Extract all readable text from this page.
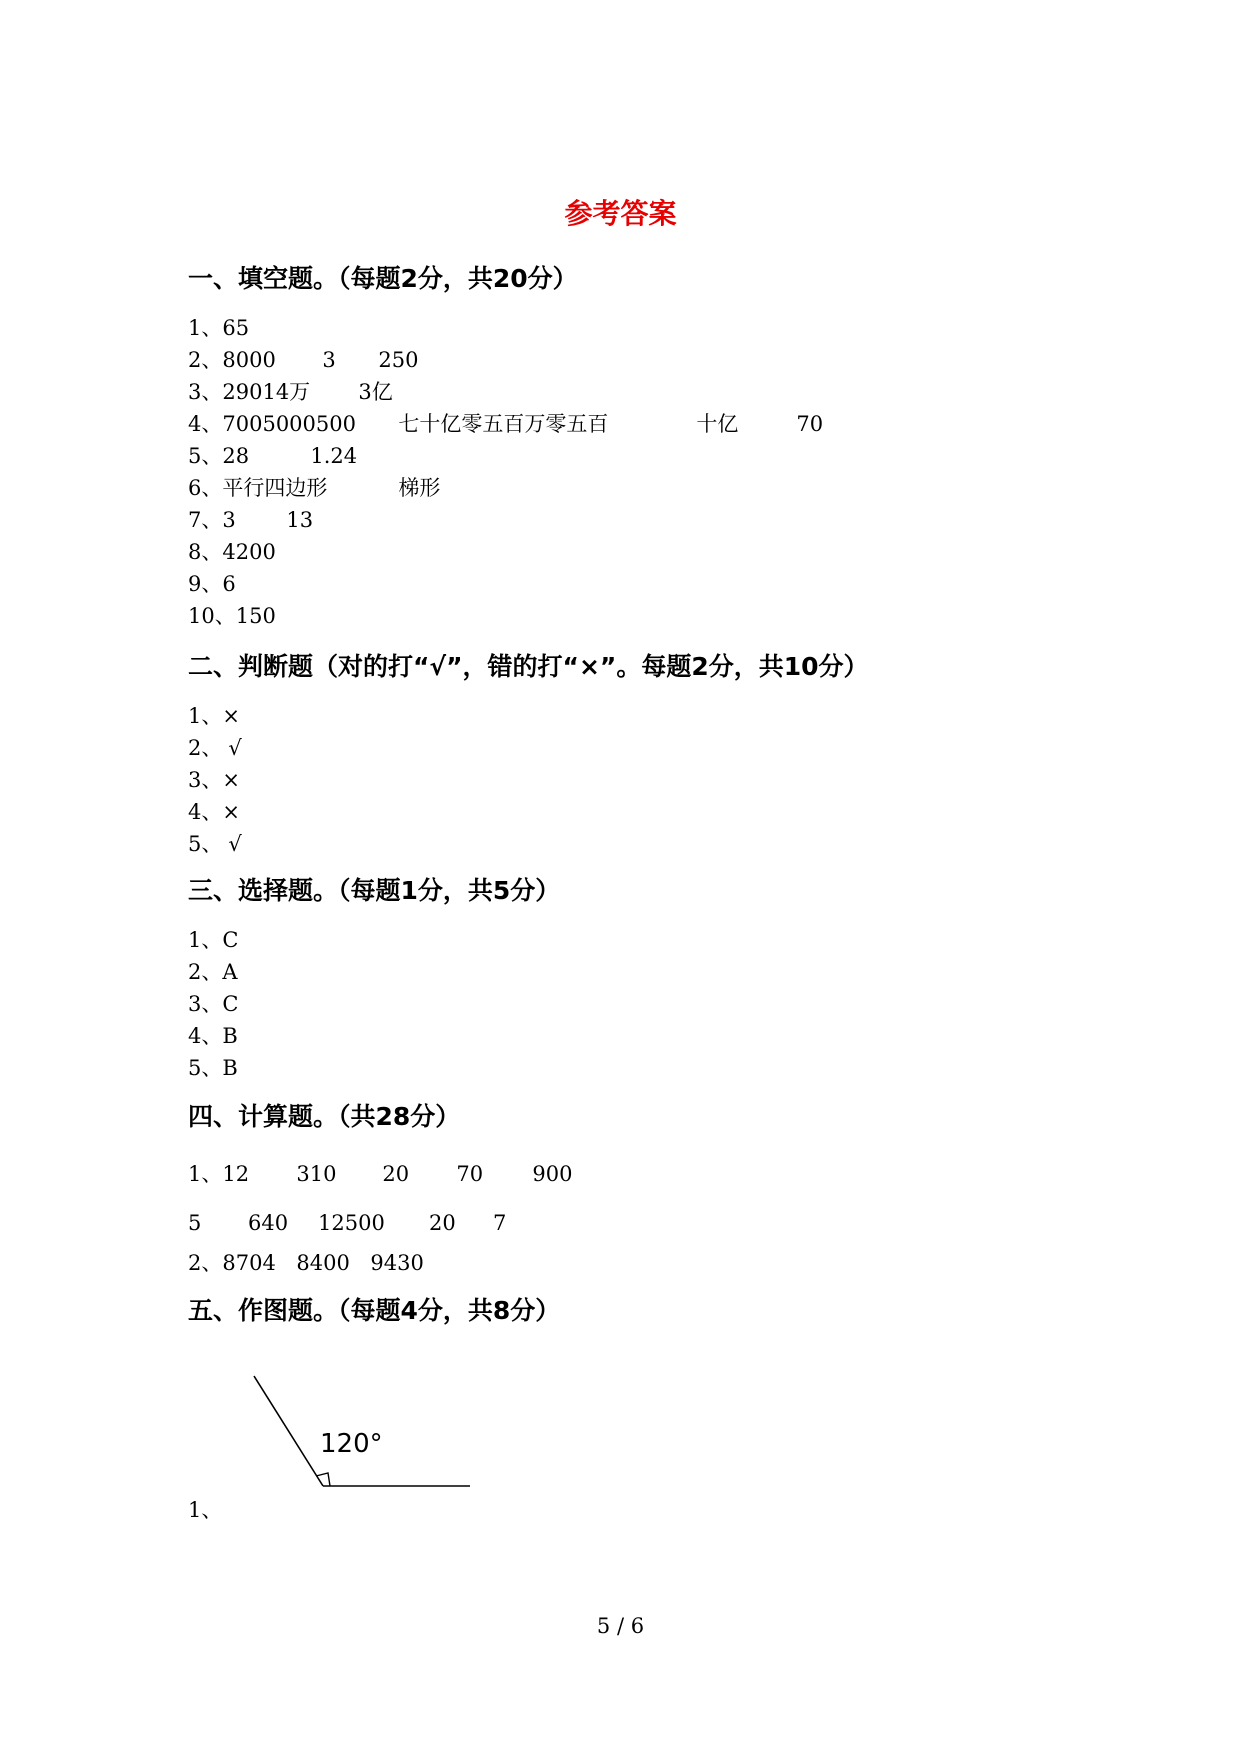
参考答案
一、填空题。（每题2分，共20分）
1、65
2、8000 3 250
3、29014万 3亿
4、7005000500 七十亿零五百万零五百	十亿	70
5、28	1.24
6、平行四边形	梯形
7、3 13
8、4200
9、6
10、150
二、判断题（对的打“√”，错的打“×”。每题2分，共10分）
1、×
2、 √
3、×
4、×
5、 √
三、选择题。（每题1分，共5分）
1、C
2、A
3、C
4、B
5、B
四、计算题。（共28分）
1、12 310 20 70 900
5 640 12500 20 7
2、8704 8400 9430
五、作图题。（每题4分，共8分）
1、
120°
5 / 6
